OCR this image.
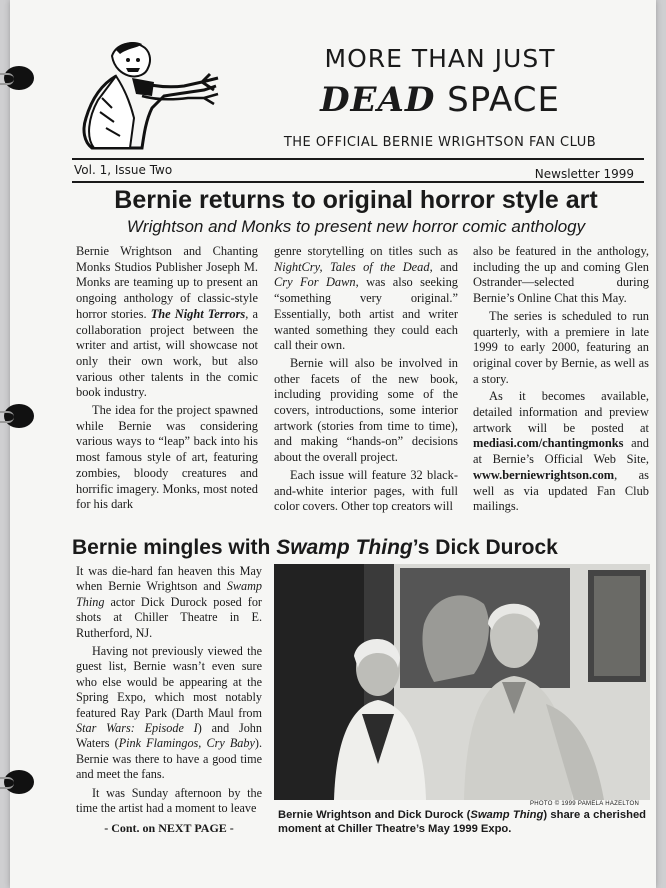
MORE THAN JUST
DEAD SPACE
THE OFFICIAL BERNIE WRIGHTSON FAN CLUB
Vol. 1, Issue Two	Newsletter 1999
Bernie returns to original horror style art
Wrightson and Monks to present new horror comic anthology

Bernie Wrightson and Chanting Monks Studios Publisher Joseph M. Monks are teaming up to present an ongoing anthology of classic-style horror stories. The Night Terrors, a collaboration project between the writer and artist, will showcase not only their own work, but also various other talents in the comic book industry.

The idea for the project spawned while Bernie was considering various ways to “leap” back into his most famous style of art, featuring zombies, bloody creatures and horrific imagery. Monks, most noted for his dark

genre storytelling on titles such as NightCry, Tales of the Dead, and Cry For Dawn, was also seeking “something very original.” Essentially, both artist and writer wanted something they could each call their own.

Bernie will also be involved in other facets of the new book, including providing some of the covers, introductions, some interior artwork (stories from time to time), and making “hands-on” decisions about the overall project.

Each issue will feature 32 black-and-white interior pages, with full color covers. Other top creators will

also be featured in the anthology, including the up and coming Glen Ostrander—selected during Bernie’s Online Chat this May.

The series is scheduled to run quarterly, with a premiere in late 1999 to early 2000, featuring an original cover by Bernie, as well as a story.

As it becomes available, detailed information and preview artwork will be posted at mediasi.com/chantingmonks and at Bernie’s Official Web Site, www.berniewrightson.com, as well as via updated Fan Club mailings.

Bernie mingles with Swamp Thing’s Dick Durock

It was die-hard fan heaven this May when Bernie Wrightson and Swamp Thing actor Dick Durock posed for shots at Chiller Theatre in E. Rutherford, NJ.

Having not previously viewed the guest list, Bernie wasn’t even sure who else would be appearing at the Spring Expo, which most notably featured Ray Park (Darth Maul from Star Wars: Episode I) and John Waters (Pink Flamingos, Cry Baby). Bernie was there to have a good time and meet the fans.

It was Sunday afternoon by the time the artist had a moment to leave

- Cont. on NEXT PAGE -
PHOTO © 1999 PAMELA HAZELTON
Bernie Wrightson and Dick Durock (Swamp Thing) share a cherished moment at Chiller Theatre’s May 1999 Expo.
